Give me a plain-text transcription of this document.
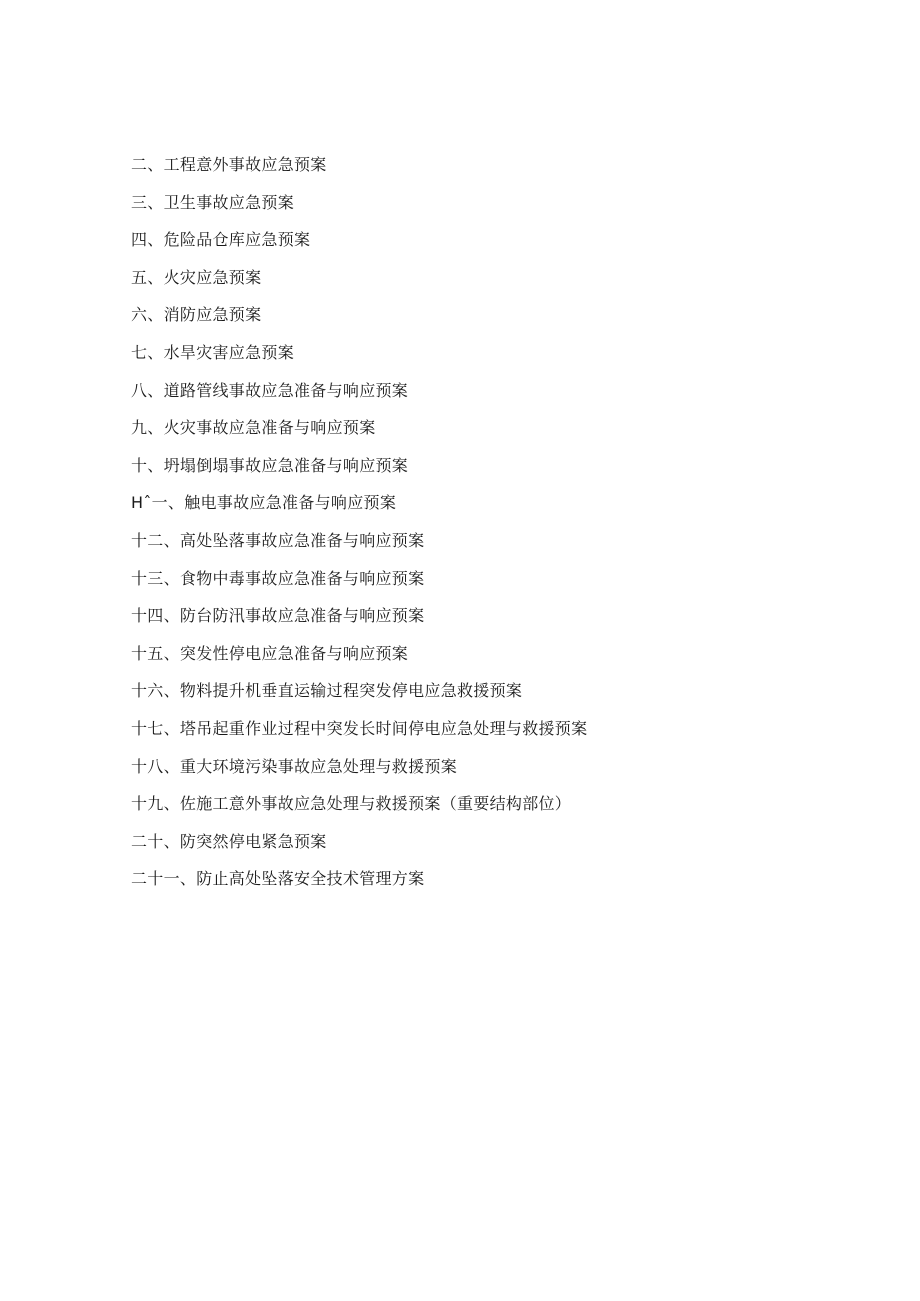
二、工程意外事故应急预案
三、卫生事故应急预案
四、危险品仓库应急预案
五、火灾应急预案
六、消防应急预案
七、水旱灾害应急预案
八、道路管线事故应急准备与响应预案
九、火灾事故应急准备与响应预案
十、坍塌倒塌事故应急准备与响应预案
Hˆ一、触电事故应急准备与响应预案
十二、高处坠落事故应急准备与响应预案
十三、食物中毒事故应急准备与响应预案
十四、防台防汛事故应急准备与响应预案
十五、突发性停电应急准备与响应预案
十六、物料提升机垂直运输过程突发停电应急救援预案
十七、塔吊起重作业过程中突发长时间停电应急处理与救援预案
十八、重大环境污染事故应急处理与救援预案
十九、佐施工意外事故应急处理与救援预案（重要结构部位）
二十、防突然停电紧急预案
二十一、防止高处坠落安全技术管理方案
